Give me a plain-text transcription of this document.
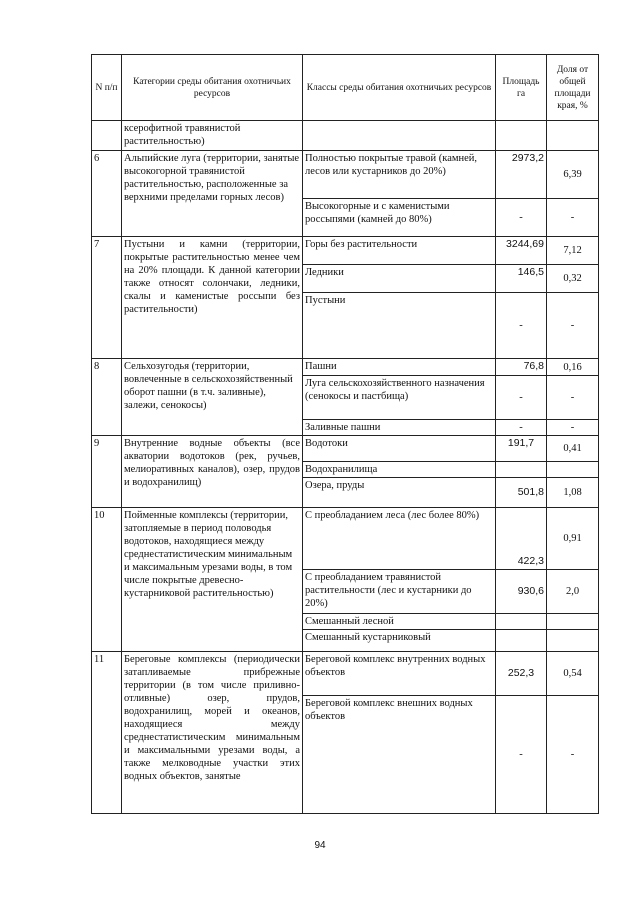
N п/п	Категории среды обитания охотничьих ресурсов	Классы среды обитания охотничьих ресурсов	Площадь га	Доля от общей площади края, %
	ксерофитной травянистой растительностью)			
6	Альпийские луга (территории, занятые высокогорной травянистой растительностью, расположенные за верхними пределами горных лесов)	Полностью покрытые травой (камней, лесов или кустарников до 20%)	2973,2	6,39
		Высокогорные и с каменистыми россыпями (камней до 80%)	-	-
7	Пустыни и камни (территории, покрытые растительностью менее чем на 20% площади. К данной категории также относят солончаки, ледники, скалы и каменистые россыпи без растительности)	Горы без растительности	3244,69	7,12
		Ледники	146,5	0,32
		Пустыни	-	-
8	Сельхозугодья (территории, вовлеченные в сельскохозяйственный оборот пашни (в т.ч. заливные), залежи, сенокосы)	Пашни	76,8	0,16
		Луга сельскохозяйственного назначения (сенокосы и пастбища)	-	-
		Заливные пашни	-	-
9	Внутренние водные объекты (все акватории водотоков (рек, ручьев, мелиоративных каналов), озер, прудов и водохранилищ)	Водотоки	191,7	0,41
		Водохранилища		
		Озера, пруды	501,8	1,08
10	Пойменные комплексы (территории, затопляемые в период половодья водотоков, находящиеся между среднестатистическим минимальным и максимальным урезами воды, в том числе покрытые древесно-кустарниковой растительностью)	С преобладанием леса (лес более 80%)	422,3	0,91
		С преобладанием травянистой растительности (лес и кустарники до 20%)	930,6	2,0
		Смешанный лесной		
		Смешанный кустарниковый		
11	Береговые комплексы (периодически затапливаемые прибрежные территории (в том числе приливно-отливные) озер, прудов, водохранилищ, морей и океанов, находящиеся между среднестатистическим минимальным и максимальными урезами воды, а также мелководные участки этих водных объектов, занятые	Береговой комплекс внутренних водных объектов	252,3	0,54
		Береговой комплекс внешних водных объектов	-	-
94
